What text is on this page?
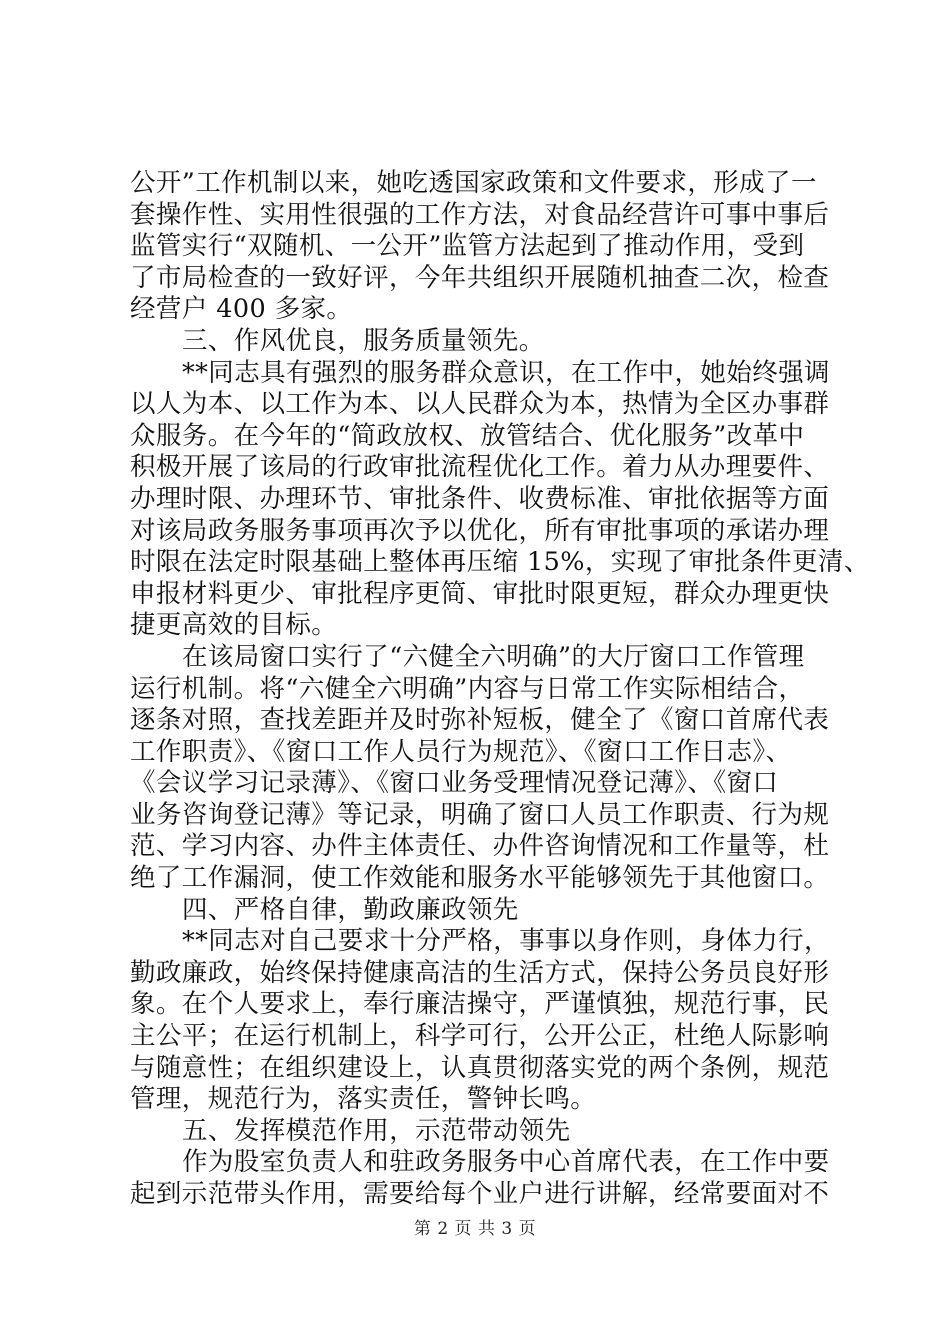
公开”工作机制以来，她吃透国家政策和文件要求，形成了一
套操作性、实用性很强的工作方法，对食品经营许可事中事后
监管实行“双随机、一公开”监管方法起到了推动作用，受到
了市局检查的一致好评，今年共组织开展随机抽查二次，检查
经营户 400 多家。
三、作风优良，服务质量领先。
**同志具有强烈的服务群众意识，在工作中，她始终强调
以人为本、以工作为本、以人民群众为本，热情为全区办事群
众服务。在今年的“简政放权、放管结合、优化服务”改革中
积极开展了该局的行政审批流程优化工作。着力从办理要件、
办理时限、办理环节、审批条件、收费标准、审批依据等方面
对该局政务服务事项再次予以优化，所有审批事项的承诺办理
时限在法定时限基础上整体再压缩 15%，实现了审批条件更清、
申报材料更少、审批程序更简、审批时限更短，群众办理更快
捷更高效的目标。
在该局窗口实行了“六健全六明确”的大厅窗口工作管理
运行机制。将“六健全六明确”内容与日常工作实际相结合，
逐条对照，查找差距并及时弥补短板，健全了《窗口首席代表
工作职责》、《窗口工作人员行为规范》、《窗口工作日志》、
《会议学习记录薄》、《窗口业务受理情况登记薄》、《窗口
业务咨询登记薄》等记录，明确了窗口人员工作职责、行为规
范、学习内容、办件主体责任、办件咨询情况和工作量等，杜
绝了工作漏洞，使工作效能和服务水平能够领先于其他窗口。
四、严格自律，勤政廉政领先
**同志对自己要求十分严格，事事以身作则，身体力行，
勤政廉政，始终保持健康高洁的生活方式，保持公务员良好形
象。在个人要求上，奉行廉洁操守，严谨慎独，规范行事，民
主公平；在运行机制上，科学可行，公开公正，杜绝人际影响
与随意性；在组织建设上，认真贯彻落实党的两个条例，规范
管理，规范行为，落实责任，警钟长鸣。
五、发挥模范作用，示范带动领先
作为股室负责人和驻政务服务中心首席代表，在工作中要
起到示范带头作用，需要给每个业户进行讲解，经常要面对不
第 2 页 共 3 页
